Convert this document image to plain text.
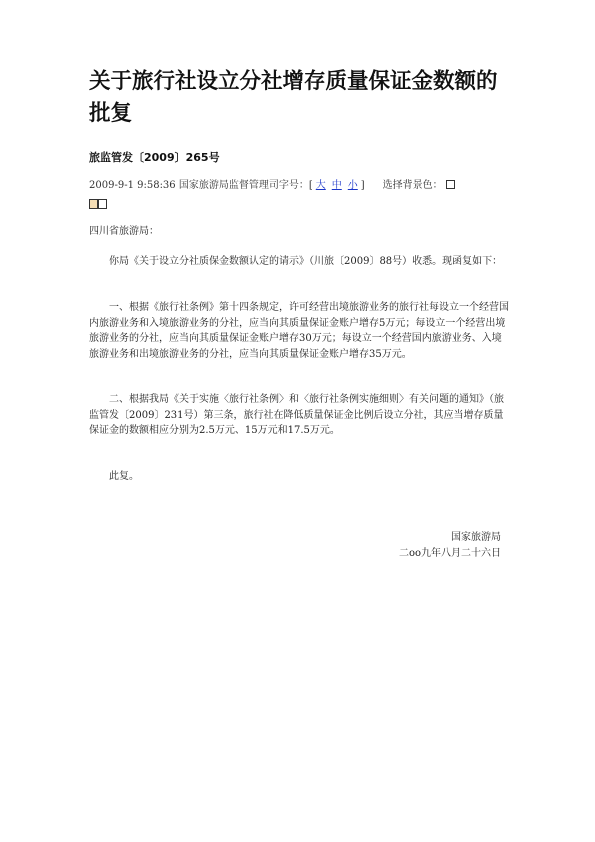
关于旅行社设立分社增存质量保证金数额的批复
旅监管发〔2009〕265号
2009-9-1 9:58:36 国家旅游局监督管理司字号：[ 大 中 小 ] 选择背景色：
四川省旅游局：
你局《关于设立分社质保金数额认定的请示》（川旅〔2009〕88号）收悉。现函复如下：
一、根据《旅行社条例》第十四条规定，许可经营出境旅游业务的旅行社每设立一个经营国内旅游业务和入境旅游业务的分社，应当向其质量保证金账户增存5万元；每设立一个经营出境旅游业务的分社，应当向其质量保证金账户增存30万元；每设立一个经营国内旅游业务、入境旅游业务和出境旅游业务的分社，应当向其质量保证金账户增存35万元。
二、根据我局《关于实施〈旅行社条例〉和〈旅行社条例实施细则〉有关问题的通知》（旅监管发〔2009〕231号）第三条，旅行社在降低质量保证金比例后设立分社，其应当增存质量保证金的数额相应分别为2.5万元、15万元和17.5万元。
此复。
国家旅游局
二oo九年八月二十六日
